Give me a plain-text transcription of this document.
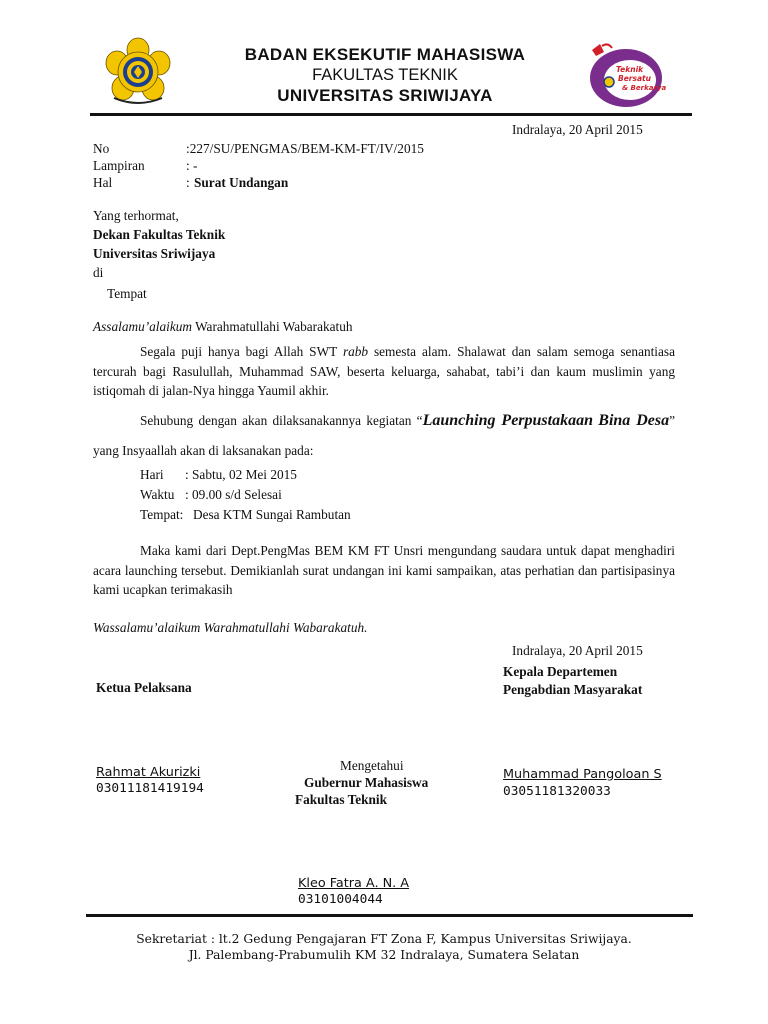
BADAN EKSEKUTIF MAHASISWA
FAKULTAS TEKNIK
UNIVERSITAS SRIWIJAYA
Teknik
Bersatu
& Berkarya
Indralaya, 20 April 2015
No	:227/SU/PENGMAS/BEM-KM-FT/IV/2015
Lampiran	: -
Hal	: Surat Undangan
Yang terhormat,
Dekan Fakultas Teknik
Universitas Sriwijaya
di
Tempat
Assalamu’alaikum Warahmatullahi Wabarakatuh
Segala puji hanya bagi Allah SWT rabb semesta alam. Shalawat dan salam semoga senantiasa tercurah bagi Rasulullah, Muhammad SAW, beserta keluarga, sahabat, tabi’i dan kaum muslimin yang istiqomah di jalan-Nya hingga Yaumil akhir.
Sehubung dengan akan dilaksanakannya kegiatan “Launching Perpustakaan Bina Desa” yang Insyaallah akan di laksanakan pada:
Hari : Sabtu, 02 Mei 2015
Waktu : 09.00 s/d Selesai
Tempat: Desa KTM Sungai Rambutan
Maka kami dari Dept.PengMas BEM KM FT Unsri mengundang saudara untuk dapat menghadiri acara launching tersebut. Demikianlah surat undangan ini kami sampaikan, atas perhatian dan partisipasinya kami ucapkan terimakasih
Wassalamu’alaikum Warahmatullahi Wabarakatuh.
Indralaya, 20 April 2015
Kepala Departemen
Pengabdian Masyarakat
Ketua Pelaksana
Mengetahui
Gubernur Mahasiswa
Fakultas Teknik
Rahmat Akurizki
03011181419194
Muhammad Pangoloan S
03051181320033
Kleo Fatra A. N. A
03101004044
Sekretariat : lt.2 Gedung Pengajaran FT Zona F, Kampus Universitas Sriwijaya.
Jl. Palembang-Prabumulih KM 32 Indralaya, Sumatera Selatan
